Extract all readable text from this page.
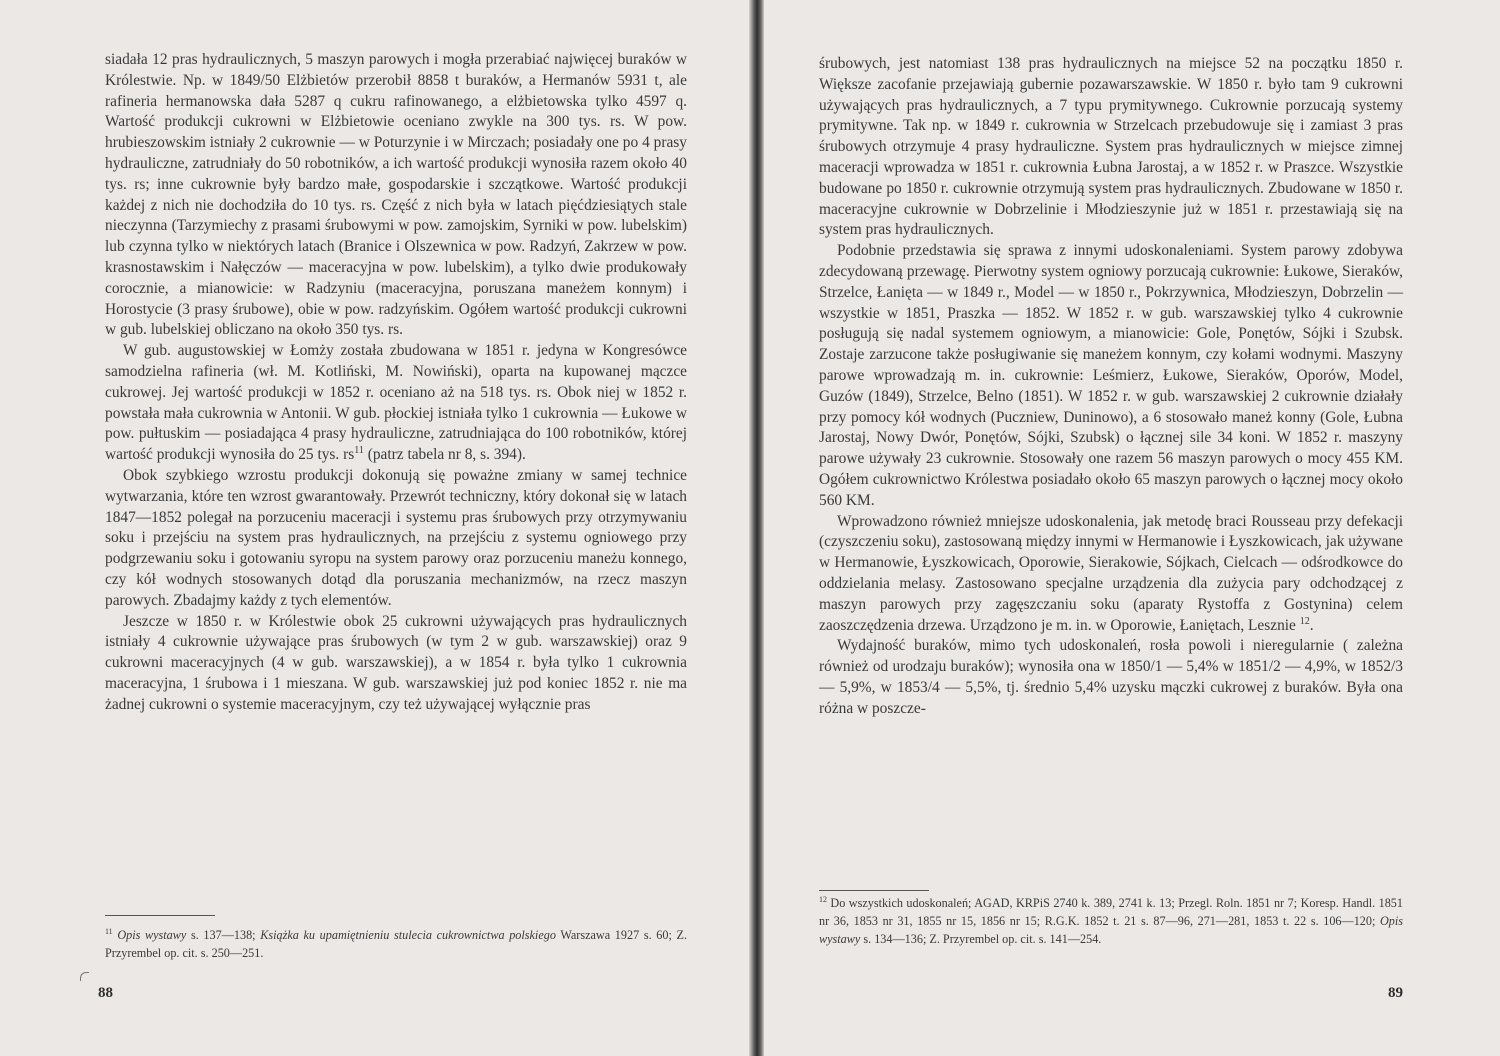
siadała 12 pras hydraulicznych, 5 maszyn parowych i mogła przerabiać najwięcej buraków w Królestwie. Np. w 1849/50 Elżbietów przerobił 8858 t buraków, a Hermanów 5931 t, ale rafineria hermanowska dała 5287 q cukru rafinowanego, a elżbietowska tylko 4597 q. Wartość produkcji cukrowni w Elżbietowie oceniano zwykle na 300 tys. rs. W pow. hrubieszowskim istniały 2 cukrownie — w Poturzynie i w Mirczach; posiadały one po 4 prasy hydrauliczne, zatrudniały do 50 robotników, a ich wartość produkcji wynosiła razem około 40 tys. rs; inne cukrownie były bardzo małe, gospodarskie i szczątkowe. Wartość produkcji każdej z nich nie dochodziła do 10 tys. rs. Część z nich była w latach pięćdziesiątych stale nieczynna (Tarzymiechy z prasami śrubowymi w pow. zamojskim, Syrniki w pow. lubelskim) lub czynna tylko w niektórych latach (Branice i Olszewnica w pow. Radzyń, Zakrzew w pow. krasnostawskim i Nałęczów — maceracyjna w pow. lubelskim), a tylko dwie produkowały corocznie, a mianowicie: w Radzyniu (maceracyjna, poruszana maneżem konnym) i Horostycie (3 prasy śrubowe), obie w pow. radzyńskim. Ogółem wartość produkcji cukrowni w gub. lubelskiej obliczano na około 350 tys. rs.

W gub. augustowskiej w Łomży została zbudowana w 1851 r. jedyna w Kongresówce samodzielna rafineria (wł. M. Kotliński, M. Nowiński), oparta na kupowanej mączce cukrowej. Jej wartość produkcji w 1852 r. oceniano aż na 518 tys. rs. Obok niej w 1852 r. powstała mała cukrownia w Antonii. W gub. płockiej istniała tylko 1 cukrownia — Łukowe w pow. pułtuskim — posiadająca 4 prasy hydrauliczne, zatrudniająca do 100 robotników, której wartość produkcji wynosiła do 25 tys. $rs^{11}$ (patrz tabela nr 8, s. 394).

Obok szybkiego wzrostu produkcji dokonują się poważne zmiany w samej technice wytwarzania, które ten wzrost gwarantowały. Przewrót techniczny, który dokonał się w latach 1847—1852 polegał na porzuceniu maceracji i systemu pras śrubowych przy otrzymywaniu soku i przejściu na system pras hydraulicznych, na przejściu z systemu ogniowego przy podgrzewaniu soku i gotowaniu syropu na system parowy oraz porzuceniu maneżu konnego, czy kół wodnych stosowanych dotąd dla poruszania mechanizmów, na rzecz maszyn parowych. Zbadajmy każdy z tych elementów.

Jeszcze w 1850 r. w Królestwie obok 25 cukrowni używających pras hydraulicznych istniały 4 cukrownie używające pras śrubowych (w tym 2 w gub. warszawskiej) oraz 9 cukrowni maceracyjnych (4 w gub. warszawskiej), a w 1854 r. była tylko 1 cukrownia maceracyjna, 1 śrubowa i 1 mieszana. W gub. warszawskiej już pod koniec 1852 r. nie ma żadnej cukrowni o systemie maceracyjnym, czy też używającej wyłącznie pras

$^{11}$ Opis wystawy s. 137—138; Książka ku upamiętnieniu stulecia cukrownictwa polskiego Warszawa 1927 s. 60; Z. Przyrembel op. cit. s. 250—251.
88

śrubowych, jest natomiast 138 pras hydraulicznych na miejsce 52 na początku 1850 r. Większe zacofanie przejawiają gubernie pozawarszawskie. W 1850 r. było tam 9 cukrowni używających pras hydraulicznych, a 7 typu prymitywnego. Cukrownie porzucają systemy prymitywne. Tak np. w 1849 r. cukrownia w Strzelcach przebudowuje się i zamiast 3 pras śrubowych otrzymuje 4 prasy hydrauliczne. System pras hydraulicznych w miejsce zimnej maceracji wprowadza w 1851 r. cukrownia Łubna Jarostaj, a w 1852 r. w Praszce. Wszystkie budowane po 1850 r. cukrownie otrzymują system pras hydraulicznych. Zbudowane w 1850 r. maceracyjne cukrownie w Dobrzelinie i Młodzieszynie już w 1851 r. przestawiają się na system pras hydraulicznych.

Podobnie przedstawia się sprawa z innymi udoskonaleniami. System parowy zdobywa zdecydowaną przewagę. Pierwotny system ogniowy porzucają cukrownie: Łukowe, Sieraków, Strzelce, Łanięta — w 1849 r., Model — w 1850 r., Pokrzywnica, Młodzieszyn, Dobrzelin — wszystkie w 1851, Praszka — 1852. W 1852 r. w gub. warszawskiej tylko 4 cukrownie posługują się nadal systemem ogniowym, a mianowicie: Gole, Ponętów, Sójki i Szubsk. Zostaje zarzucone także posługiwanie się maneżem konnym, czy kołami wodnymi. Maszyny parowe wprowadzają m. in. cukrownie: Leśmierz, Łukowe, Sieraków, Oporów, Model, Guzów (1849), Strzelce, Belno (1851). W 1852 r. w gub. warszawskiej 2 cukrownie działały przy pomocy kół wodnych (Puczniew, Duninowo), a 6 stosowało maneż konny (Gole, Łubna Jarostaj, Nowy Dwór, Ponętów, Sójki, Szubsk) o łącznej sile 34 koni. W 1852 r. maszyny parowe używały 23 cukrownie. Stosowały one razem 56 maszyn parowych o mocy 455 KM. Ogółem cukrownictwo Królestwa posiadało około 65 maszyn parowych o łącznej mocy około 560 KM.

Wprowadzono również mniejsze udoskonalenia, jak metodę braci Rousseau przy defekacji (czyszczeniu soku), zastosowaną między innymi w Hermanowie i Łyszkowicach, jak używane w Hermanowie, Łyszkowicach, Oporowie, Sierakowie, Sójkach, Cielcach — odśrodkowce do oddzielania melasy. Zastosowano specjalne urządzenia dla zużycia pary odchodzącej z maszyn parowych przy zagęszczaniu soku (aparaty Rystoffa z Gostynina) celem zaoszczędzenia drzewa. Urządzono je m. in. w Oporowie, Łaniętach, Lesznie $^{12}$.

Wydajność buraków, mimo tych udoskonaleń, rosła powoli i nieregularnie ( zależna również od urodzaju buraków); wynosiła ona w 1850/1 — 5,4% w 1851/2 — 4,9%, w 1852/3 — 5,9%, w 1853/4 — 5,5%, tj. średnio 5,4% uzysku mączki cukrowej z buraków. Była ona różna w poszcze-

$^{12}$ Do wszystkich udoskonaleń; AGAD, KRPiS 2740 k. 389, 2741 k. 13; Przegl. Roln. 1851 nr 7; Koresp. Handl. 1851 nr 36, 1853 nr 31, 1855 nr 15, 1856 nr 15; R.G.K. 1852 t. 21 s. 87—96, 271—281, 1853 t. 22 s. 106—120; Opis wystawy s. 134—136; Z. Przyrembel op. cit. s. 141—254.
89
